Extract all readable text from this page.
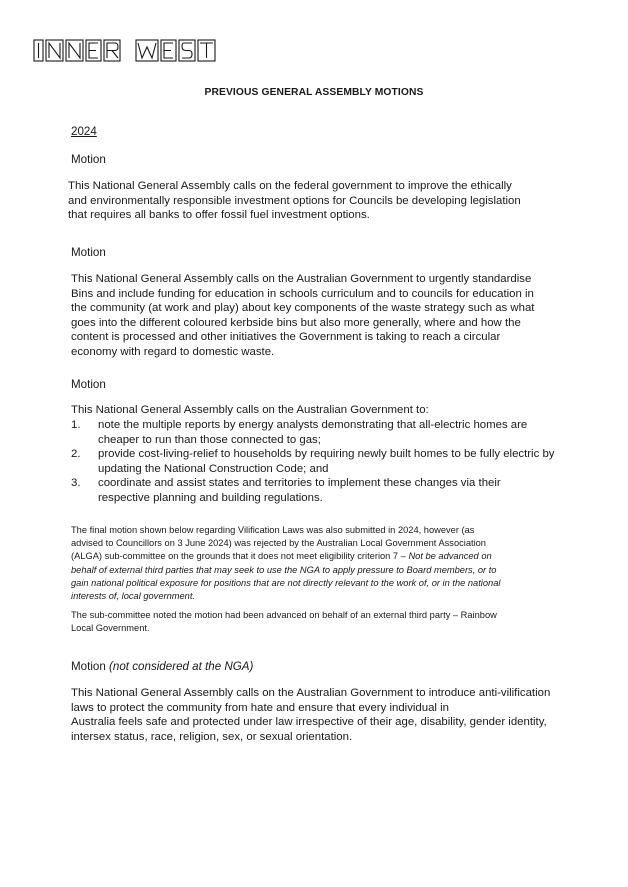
PREVIOUS GENERAL ASSEMBLY MOTIONS
2024
Motion
This National General Assembly calls on the federal government to improve the ethically
and environmentally responsible investment options for Councils be developing legislation
that requires all banks to offer fossil fuel investment options.
Motion
This National General Assembly calls on the Australian Government to urgently standardise
Bins and include funding for education in schools curriculum and to councils for education in
the community (at work and play) about key components of the waste strategy such as what
goes into the different coloured kerbside bins but also more generally, where and how the
content is processed and other initiatives the Government is taking to reach a circular
economy with regard to domestic waste.
Motion
This National General Assembly calls on the Australian Government to:
1. note the multiple reports by energy analysts demonstrating that all-electric homes are
cheaper to run than those connected to gas;
2. provide cost-living-relief to households by requiring newly built homes to be fully electric by
updating the National Construction Code; and
3. coordinate and assist states and territories to implement these changes via their
respective planning and building regulations.
The final motion shown below regarding Vilification Laws was also submitted in 2024, however (as
advised to Councillors on 3 June 2024) was rejected by the Australian Local Government Association
(ALGA) sub-committee on the grounds that it does not meet eligibility criterion 7 – Not be advanced on
behalf of external third parties that may seek to use the NGA to apply pressure to Board members, or to
gain national political exposure for positions that are not directly relevant to the work of, or in the national
interests of, local government.
The sub-committee noted the motion had been advanced on behalf of an external third party – Rainbow
Local Government.
Motion (not considered at the NGA)
This National General Assembly calls on the Australian Government to introduce anti-vilification
laws to protect the community from hate and ensure that every individual in
Australia feels safe and protected under law irrespective of their age, disability, gender identity,
intersex status, race, religion, sex, or sexual orientation.
